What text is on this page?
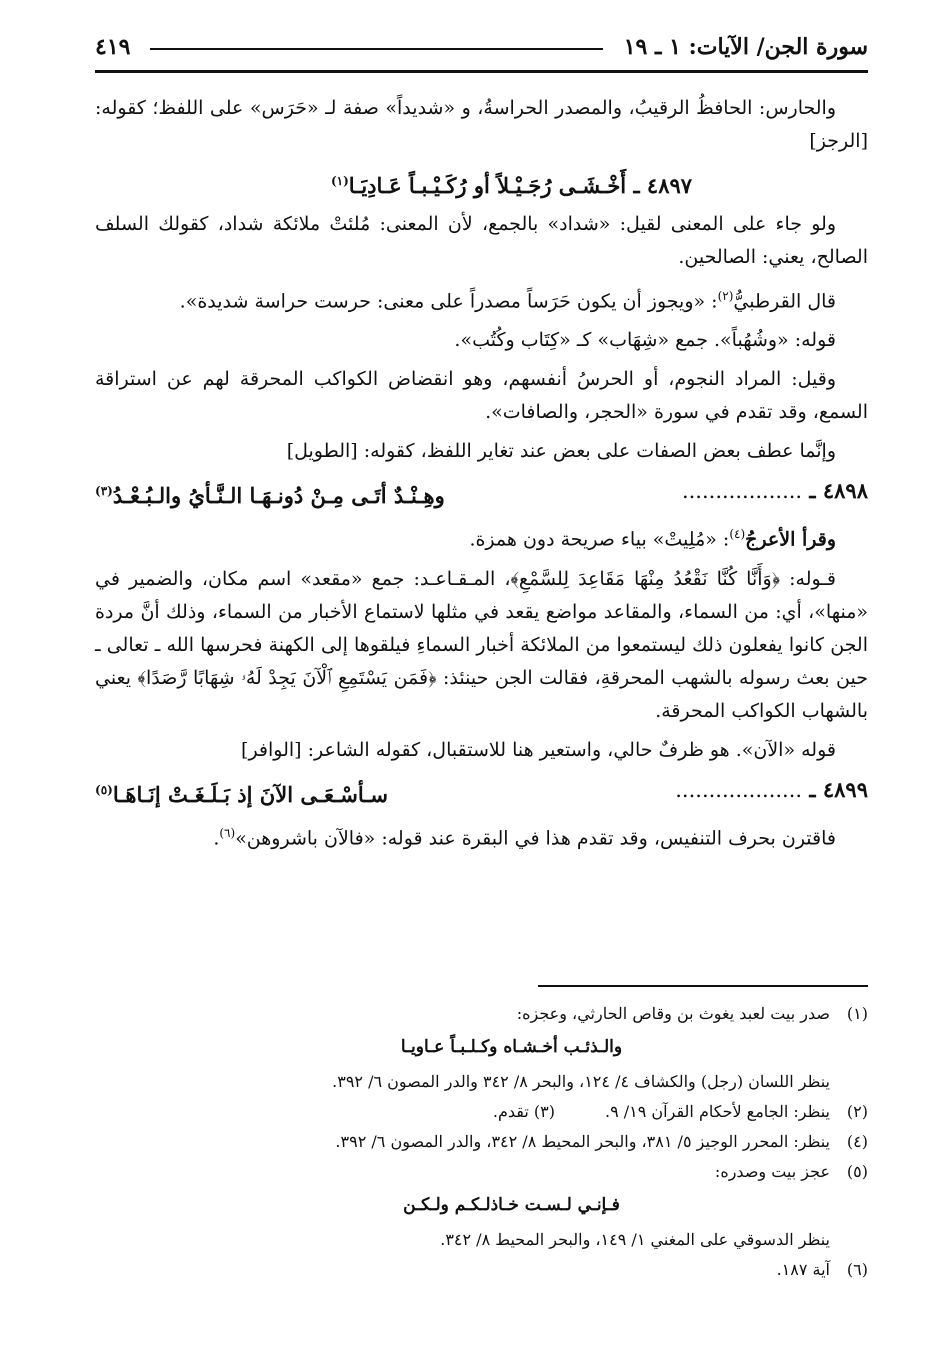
سورة الجن/ الآيات: ١ ـ ١٩
٤١٩

والحارس: الحافظُ الرقيبُ، والمصدر الحراسةُ، و «شديداً» صفة لـ «حَرَس» على اللفظ؛ كقوله: [الرجز]

٤٨٩٧ ـ أَخْـشَـى رُجَـيْـلاً أو رُكَـيْـبـاً عَـادِيَـا$^{(١)}$

ولو جاء على المعنى لقيل: «شداد» بالجمع، لأن المعنى: مُلئتْ ملائكة شداد، كقولك السلف الصالح، يعني: الصالحين.

قال القرطبيُّ$^{(٢)}$: «ويجوز أن يكون حَرَساً مصدراً على معنى: حرست حراسة شديدة».

قوله: «وشُهُباً». جمع «شِهَاب» كـ «كِتَاب وكُتُب».

وقيل: المراد النجوم، أو الحرسُ أنفسهم، وهو انقضاض الكواكب المحرقة لهم عن استراقة السمع، وقد تقدم في سورة «الحجر، والصافات».

وإنَّما عطف بعض الصفات على بعض عند تغاير اللفظ، كقوله: [الطويل]

٤٨٩٨ ـ ..................
وهِـنْـدٌ أتَـى مِـنْ دُونـهَـا الـنَّـأيُ والـبُـعْـدُ$^{(٣)}$

وقرأ الأعرجُ$^{(٤)}$: «مُلِيتْ» بياء صريحة دون همزة.

قـوله: ﴿وَأَنَّا كُنَّا نَقْعُدُ مِنْهَا مَقَاعِدَ لِلسَّمْعِ﴾، المـقـاعـد: جمع «مقعد» اسم مكان، والضمير في «منها»، أي: من السماء، والمقاعد مواضع يقعد في مثلها لاستماع الأخبار من السماء، وذلك أنَّ مردة الجن كانوا يفعلون ذلك ليستمعوا من الملائكة أخبار السماءِ فيلقوها إلى الكهنة فحرسها الله ـ تعالى ـ حين بعث رسوله بالشهب المحرقةِ، فقالت الجن حينئذ: ﴿فَمَن يَسْتَمِعِ ٱلْآنَ يَجِدْ لَهُۥ شِهَابًا رَّصَدًا﴾ يعني بالشهاب الكواكب المحرقة.

قوله «الآن». هو ظرفٌ حالي، واستعير هنا للاستقبال، كقوله الشاعر: [الوافر]

٤٨٩٩ ـ ...................
سـأسْـعَـى الآنَ إذ بَـلَـغَـتْ إنَـاهَـا$^{(٥)}$

فاقترن بحرف التنفيس، وقد تقدم هذا في البقرة عند قوله: «فالآن باشروهن»$^{(٦)}$.

(١)صدر بيت لعبد يغوث بن وقاص الحارثي، وعجزه:
والـذئـب أخـشـاه وكـلـبـاً عـاويـا
ينظر اللسان (رجل) والكشاف ٤/ ١٢٤، والبحر ٨/ ٣٤٢ والدر المصون ٦/ ٣٩٢.
(٢)ينظر: الجامع لأحكام القرآن ١٩/ ٩.(٣) تقدم.
(٤)ينظر: المحرر الوجيز ٥/ ٣٨١، والبحر المحيط ٨/ ٣٤٢، والدر المصون ٦/ ٣٩٢.
(٥)عجز بيت وصدره:
فـإنـي لـسـت خـاذلـكـم ولـكـن
ينظر الدسوقي على المغني ١/ ١٤٩، والبحر المحيط ٨/ ٣٤٢.
(٦)آية ١٨٧.
